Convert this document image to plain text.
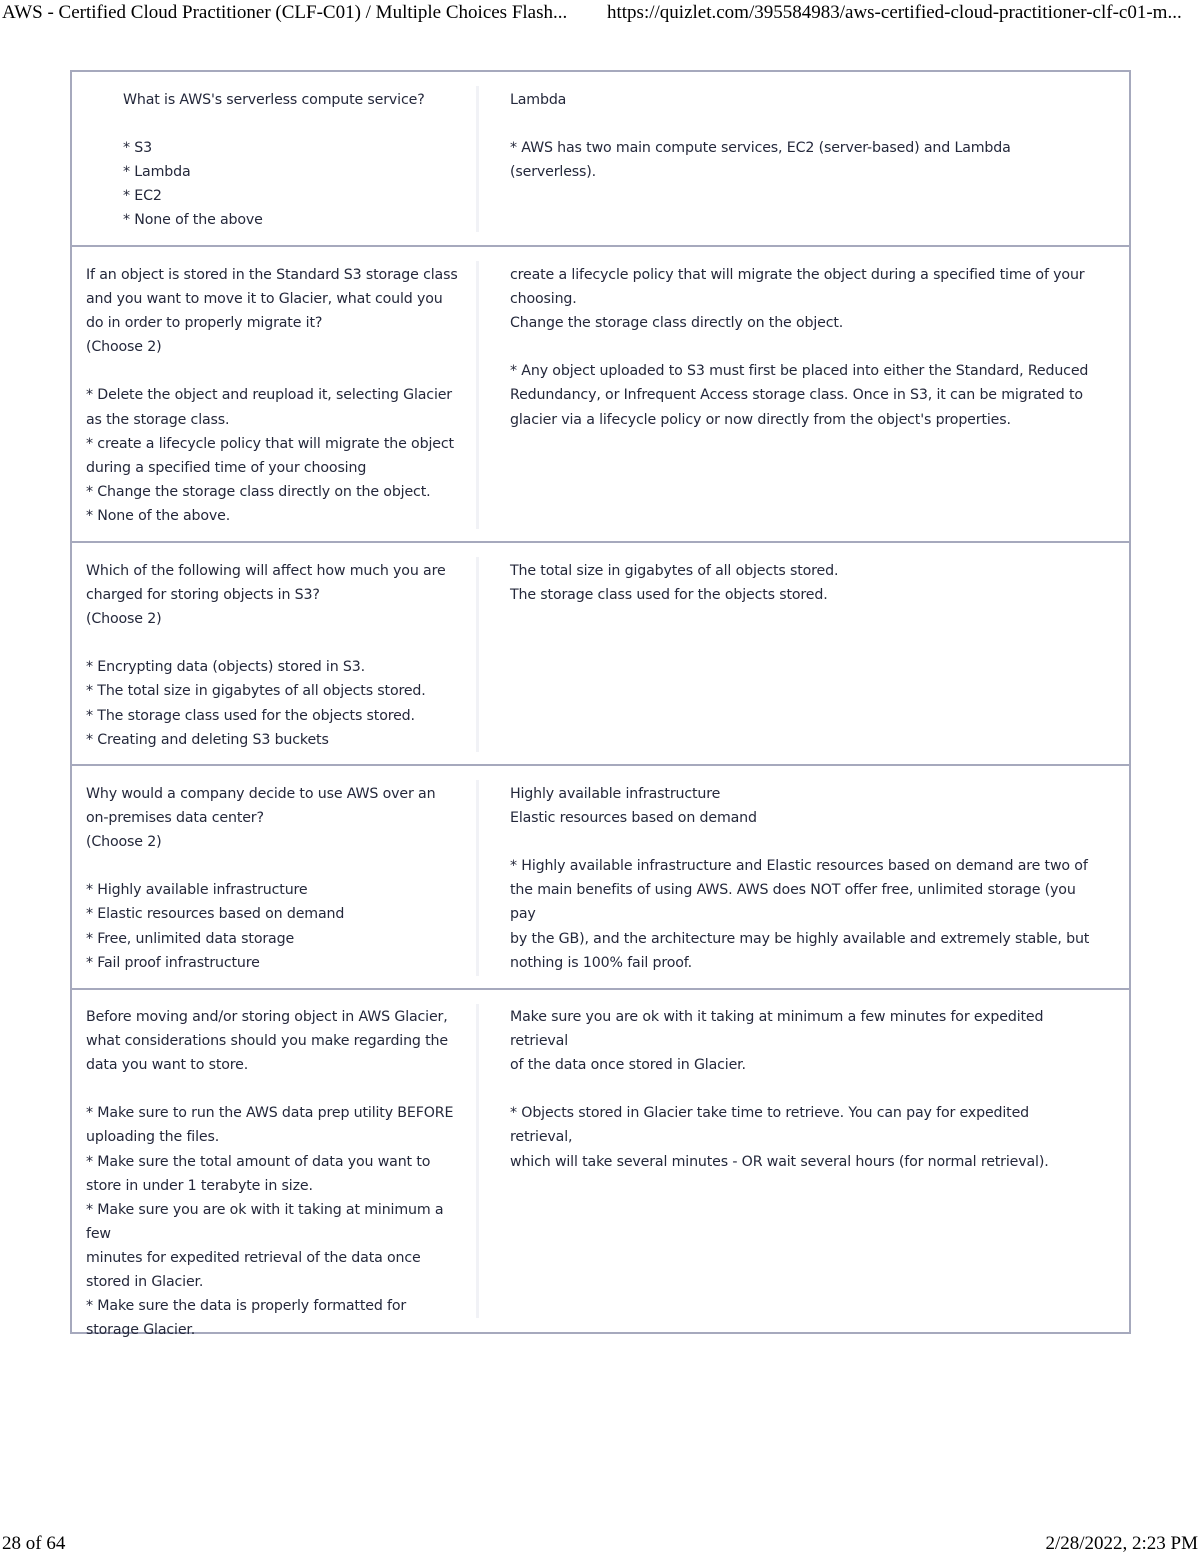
AWS - Certified Cloud Practitioner (CLF-C01) / Multiple Choices Flash... https://quizlet.com/395584983/aws-certified-cloud-practitioner-clf-c01-m...
What is AWS's serverless compute service?

* S3
* Lambda
* EC2
* None of the above
Lambda

* AWS has two main compute services, EC2 (server-based) and Lambda (serverless).
If an object is stored in the Standard S3 storage class
and you want to move it to Glacier, what could you
do in order to properly migrate it?
(Choose 2)

* Delete the object and reupload it, selecting Glacier
as the storage class.
* create a lifecycle policy that will migrate the object
during a specified time of your choosing
* Change the storage class directly on the object.
* None of the above.
create a lifecycle policy that will migrate the object during a specified time of your
choosing.
Change the storage class directly on the object.

* Any object uploaded to S3 must first be placed into either the Standard, Reduced
Redundancy, or Infrequent Access storage class. Once in S3, it can be migrated to
glacier via a lifecycle policy or now directly from the object's properties.
Which of the following will affect how much you are
charged for storing objects in S3?
(Choose 2)

* Encrypting data (objects) stored in S3.
* The total size in gigabytes of all objects stored.
* The storage class used for the objects stored.
* Creating and deleting S3 buckets
The total size in gigabytes of all objects stored.
The storage class used for the objects stored.
Why would a company decide to use AWS over an
on-premises data center?
(Choose 2)

* Highly available infrastructure
* Elastic resources based on demand
* Free, unlimited data storage
* Fail proof infrastructure
Highly available infrastructure
Elastic resources based on demand

* Highly available infrastructure and Elastic resources based on demand are two of
the main benefits of using AWS. AWS does NOT offer free, unlimited storage (you pay
by the GB), and the architecture may be highly available and extremely stable, but
nothing is 100% fail proof.
Before moving and/or storing object in AWS Glacier,
what considerations should you make regarding the
data you want to store.

* Make sure to run the AWS data prep utility BEFORE
uploading the files.
* Make sure the total amount of data you want to
store in under 1 terabyte in size.
* Make sure you are ok with it taking at minimum a few
minutes for expedited retrieval of the data once
stored in Glacier.
* Make sure the data is properly formatted for
storage Glacier.
Make sure you are ok with it taking at minimum a few minutes for expedited retrieval
of the data once stored in Glacier.

* Objects stored in Glacier take time to retrieve. You can pay for expedited retrieval,
which will take several minutes - OR wait several hours (for normal retrieval).
28 of 64	2/28/2022, 2:23 PM
